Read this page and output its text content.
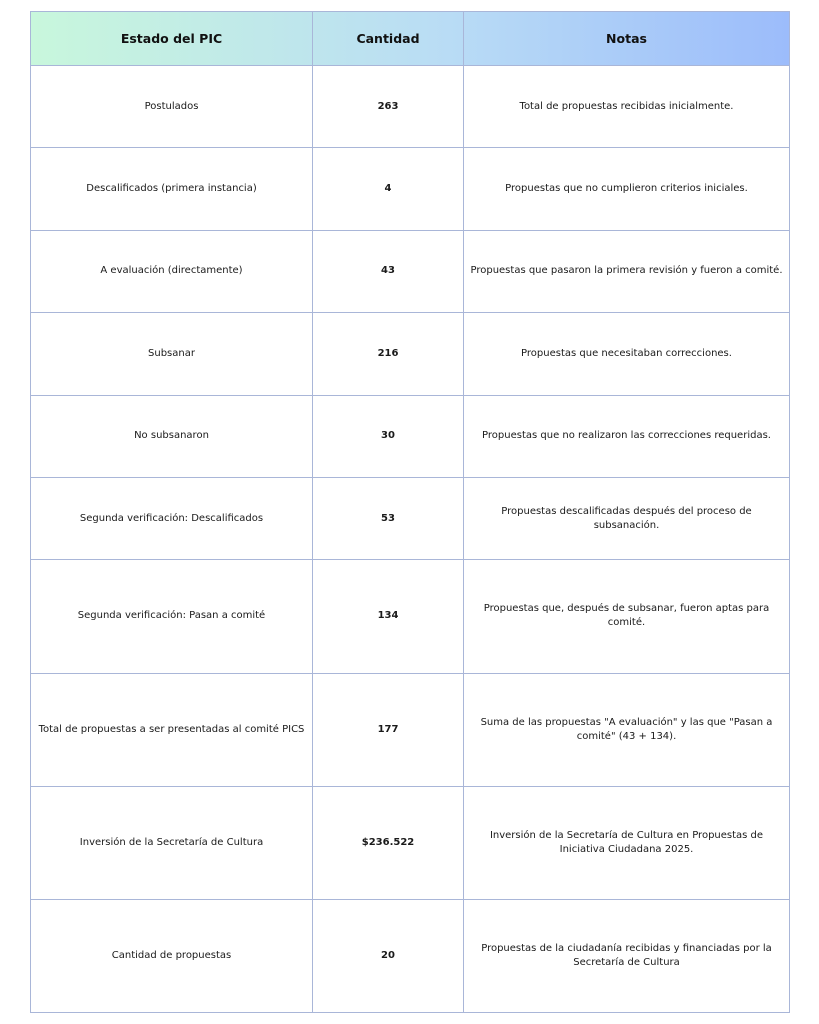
Estado del PIC	Cantidad	Notas
Postulados	263	Total de propuestas recibidas inicialmente.
Descalificados (primera instancia)	4	Propuestas que no cumplieron criterios iniciales.
A evaluación (directamente)	43	Propuestas que pasaron la primera revisión y fueron a comité.
Subsanar	216	Propuestas que necesitaban correcciones.
No subsanaron	30	Propuestas que no realizaron las correcciones requeridas.
Segunda verificación: Descalificados	53	Propuestas descalificadas después del proceso de subsanación.
Segunda verificación: Pasan a comité	134	Propuestas que, después de subsanar, fueron aptas para comité.
Total de propuestas a ser presentadas al comité PICS	177	Suma de las propuestas "A evaluación" y las que "Pasan a comité" (43 + 134).
Inversión de la Secretaría de Cultura	$236.522	Inversión de la Secretaría de Cultura en Propuestas de Iniciativa Ciudadana 2025.
Cantidad de propuestas	20	Propuestas de la ciudadanía recibidas y financiadas por la Secretaría de Cultura
